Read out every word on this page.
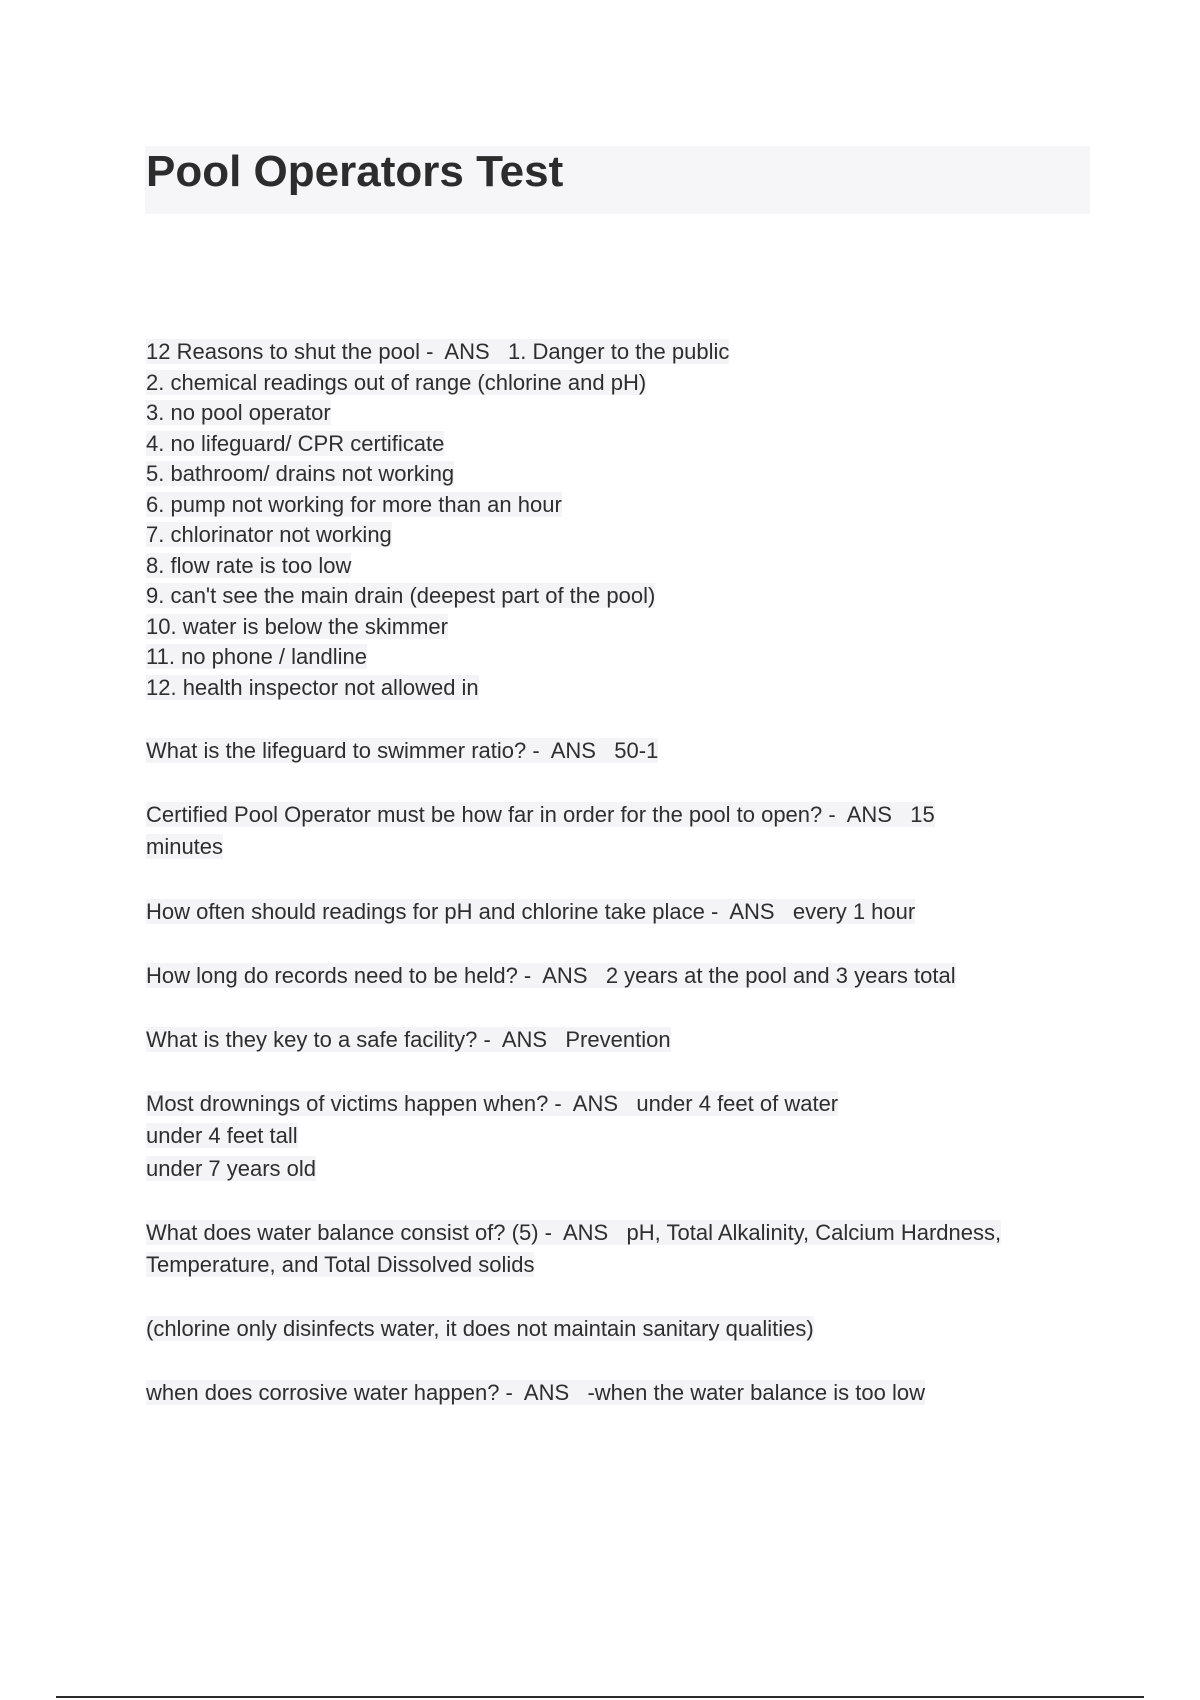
Pool Operators Test
12 Reasons to shut the pool -  ANS   1. Danger to the public
2. chemical readings out of range (chlorine and pH)
3. no pool operator
4. no lifeguard/ CPR certificate
5. bathroom/ drains not working
6. pump not working for more than an hour
7. chlorinator not working
8. flow rate is too low
9. can't see the main drain (deepest part of the pool)
10. water is below the skimmer
11. no phone / landline
12. health inspector not allowed in
What is the lifeguard to swimmer ratio? -  ANS   50-1
Certified Pool Operator must be how far in order for the pool to open? -  ANS   15
minutes
How often should readings for pH and chlorine take place -  ANS   every 1 hour
How long do records need to be held? -  ANS   2 years at the pool and 3 years total
What is they key to a safe facility? -  ANS   Prevention
Most drownings of victims happen when? -  ANS   under 4 feet of water
under 4 feet tall
under 7 years old
What does water balance consist of? (5) -  ANS   pH, Total Alkalinity, Calcium Hardness,
Temperature, and Total Dissolved solids
(chlorine only disinfects water, it does not maintain sanitary qualities)
when does corrosive water happen? -  ANS   -when the water balance is too low
